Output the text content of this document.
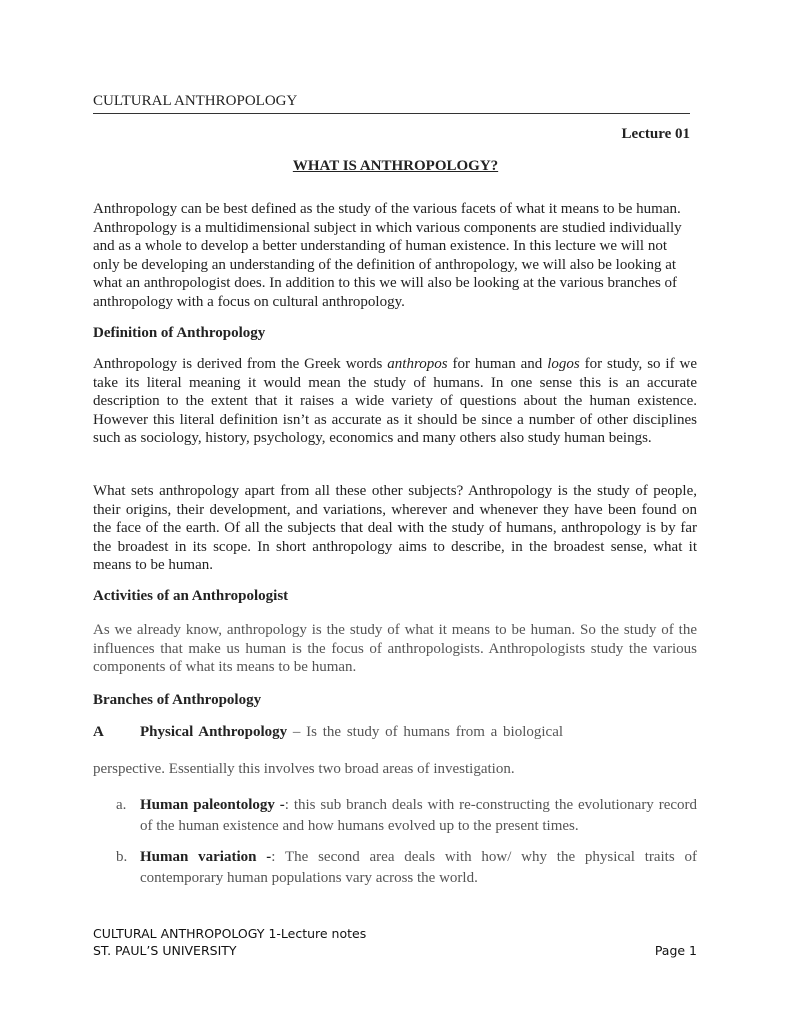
CULTURAL ANTHROPOLOGY
Lecture 01
WHAT IS ANTHROPOLOGY?

Anthropology can be best defined as the study of the various facets of what it means to be human. Anthropology is a multidimensional subject in which various components are studied individually and as a whole to develop a better understanding of human existence. In this lecture we will not only be developing an understanding of the definition of anthropology, we will also be looking at what an anthropologist does. In addition to this we will also be looking at the various branches of anthropology with a focus on cultural anthropology.

Definition of Anthropology

Anthropology is derived from the Greek words anthropos for human and logos for study, so if we take its literal meaning it would mean the study of humans. In one sense this is an accurate description to the extent that it raises a wide variety of questions about the human existence. However this literal definition isn’t as accurate as it should be since a number of other disciplines such as sociology, history, psychology, economics and many others also study human beings.

What sets anthropology apart from all these other subjects? Anthropology is the study of people, their origins, their development, and variations, wherever and whenever they have been found on the face of the earth. Of all the subjects that deal with the study of humans, anthropology is by far the broadest in its scope. In short anthropology aims to describe, in the broadest sense, what it means to be human.

Activities of an Anthropologist

As we already know, anthropology is the study of what it means to be human. So the study of the influences that make us human is the focus of anthropologists. Anthropologists study the various components of what its means to be human.

Branches of Anthropology

A Physical Anthropology – Is the study of humans from a biological

perspective. Essentially this involves two broad areas of investigation.

a. Human paleontology -: this sub branch deals with re-constructing the evolutionary record of the human existence and how humans evolved up to the present times.
b. Human variation -: The second area deals with how/ why the physical traits of contemporary human populations vary across the world.
CULTURAL ANTHROPOLOGY 1-Lecture notes
ST. PAUL’S UNIVERSITY	Page 1
